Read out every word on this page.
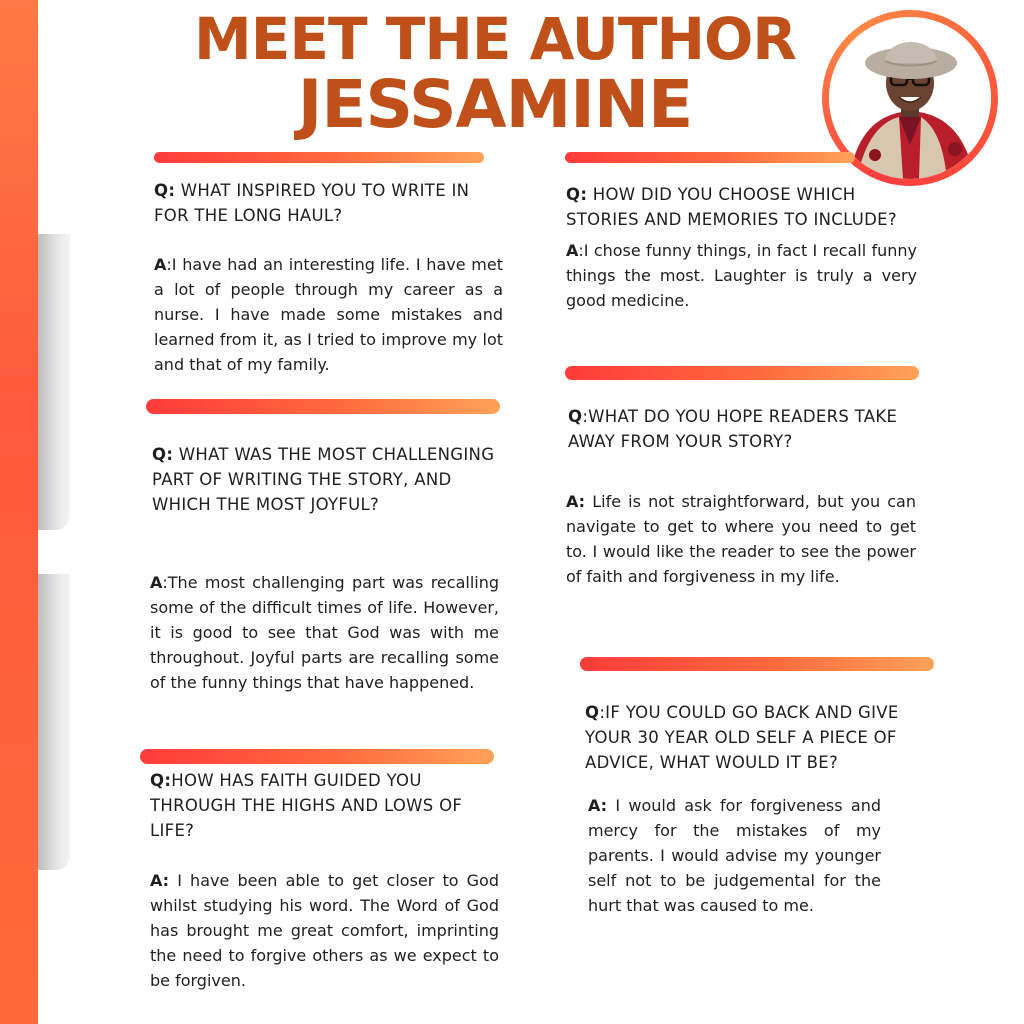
MEET THE AUTHOR
JESSAMINE

Q: WHAT INSPIRED YOU TO WRITE IN FOR THE LONG HAUL?

A:I have had an interesting life. I have met a lot of people through my career as a nurse. I have made some mistakes and learned from it, as I tried to improve my lot and that of my family.

Q: WHAT WAS THE MOST CHALLENGING PART OF WRITING THE STORY, AND WHICH THE MOST JOYFUL?

A:The most challenging part was recalling some of the difficult times of life. However, it is good to see that God was with me throughout. Joyful parts are recalling some of the funny things that have happened.

Q:HOW HAS FAITH GUIDED YOU THROUGH THE HIGHS AND LOWS OF LIFE?

A: I have been able to get closer to God whilst studying his word. The Word of God has brought me great comfort, imprinting the need to forgive others as we expect to be forgiven.

Q: HOW DID YOU CHOOSE WHICH STORIES AND MEMORIES TO INCLUDE?

A:I chose funny things, in fact I recall funny things the most. Laughter is truly a very good medicine.

Q:WHAT DO YOU HOPE READERS TAKE AWAY FROM YOUR STORY?

A: Life is not straightforward, but you can navigate to get to where you need to get to. I would like the reader to see the power of faith and forgiveness in my life.

Q:IF YOU COULD GO BACK AND GIVE YOUR 30 YEAR OLD SELF A PIECE OF ADVICE, WHAT WOULD IT BE?

A: I would ask for forgiveness and mercy for the mistakes of my parents. I would advise my younger self not to be judgemental for the hurt that was caused to me.
